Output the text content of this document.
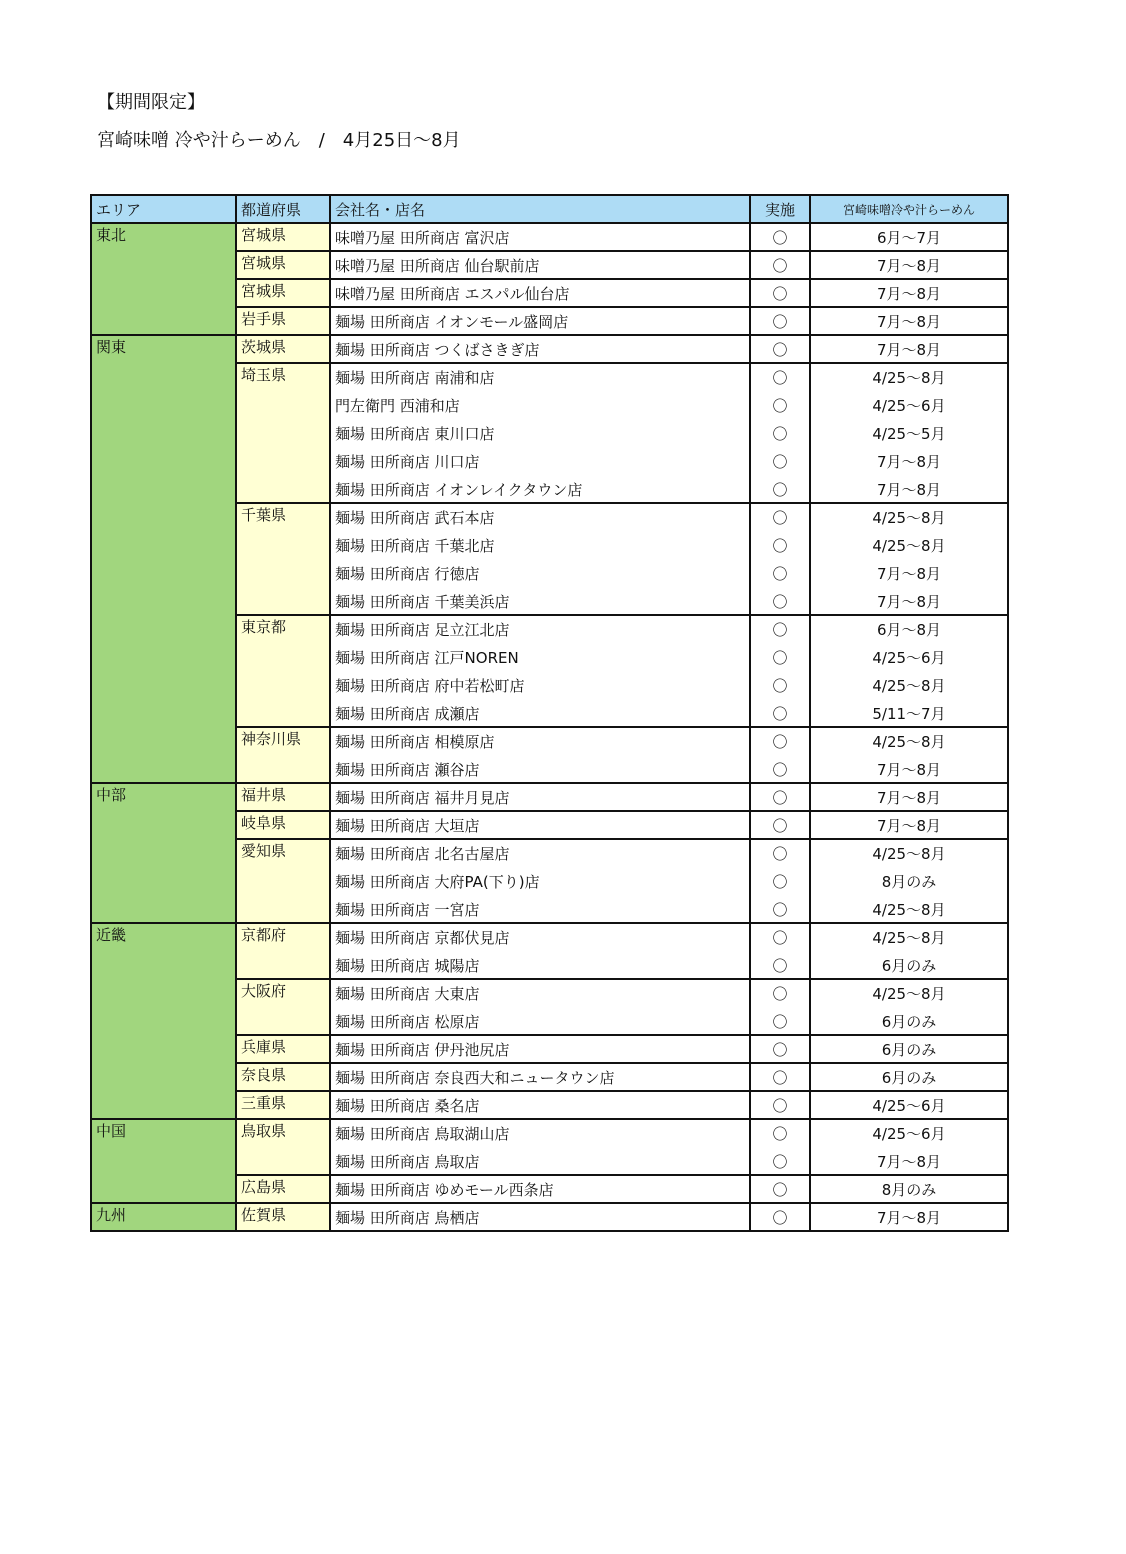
【期間限定】
宮崎味噌 冷や汁らーめん　/　4月25日〜8月
エリア	都道府県	会社名・店名	実施	宮崎味噌冷や汁らーめん
東北	宮城県	味噌乃屋 田所商店 富沢店	〇	6月〜7月
	宮城県	味噌乃屋 田所商店 仙台駅前店	〇	7月〜8月
	宮城県	味噌乃屋 田所商店 エスパル仙台店	〇	7月〜8月
	岩手県	麺場 田所商店 イオンモール盛岡店	〇	7月〜8月
関東	茨城県	麺場 田所商店 つくばさきぎ店	〇	7月〜8月
	埼玉県	麺場 田所商店 南浦和店	〇	4/25〜8月
		門左衛門 西浦和店	〇	4/25〜6月
		麺場 田所商店 東川口店	〇	4/25〜5月
		麺場 田所商店 川口店	〇	7月〜8月
		麺場 田所商店 イオンレイクタウン店	〇	7月〜8月
	千葉県	麺場 田所商店 武石本店	〇	4/25〜8月
		麺場 田所商店 千葉北店	〇	4/25〜8月
		麺場 田所商店 行徳店	〇	7月〜8月
		麺場 田所商店 千葉美浜店	〇	7月〜8月
	東京都	麺場 田所商店 足立江北店	〇	6月〜8月
		麺場 田所商店 江戸NOREN	〇	4/25〜6月
		麺場 田所商店 府中若松町店	〇	4/25〜8月
		麺場 田所商店 成瀬店	〇	5/11〜7月
	神奈川県	麺場 田所商店 相模原店	〇	4/25〜8月
		麺場 田所商店 瀬谷店	〇	7月〜8月
中部	福井県	麺場 田所商店 福井月見店	〇	7月〜8月
	岐阜県	麺場 田所商店 大垣店	〇	7月〜8月
	愛知県	麺場 田所商店 北名古屋店	〇	4/25〜8月
		麺場 田所商店 大府PA(下り)店	〇	8月のみ
		麺場 田所商店 一宮店	〇	4/25〜8月
近畿	京都府	麺場 田所商店 京都伏見店	〇	4/25〜8月
		麺場 田所商店 城陽店	〇	6月のみ
	大阪府	麺場 田所商店 大東店	〇	4/25〜8月
		麺場 田所商店 松原店	〇	6月のみ
	兵庫県	麺場 田所商店 伊丹池尻店	〇	6月のみ
	奈良県	麺場 田所商店 奈良西大和ニュータウン店	〇	6月のみ
	三重県	麺場 田所商店 桑名店	〇	4/25〜6月
中国	鳥取県	麺場 田所商店 鳥取湖山店	〇	4/25〜6月
		麺場 田所商店 鳥取店	〇	7月〜8月
	広島県	麺場 田所商店 ゆめモール西条店	〇	8月のみ
九州	佐賀県	麺場 田所商店 鳥栖店	〇	7月〜8月
